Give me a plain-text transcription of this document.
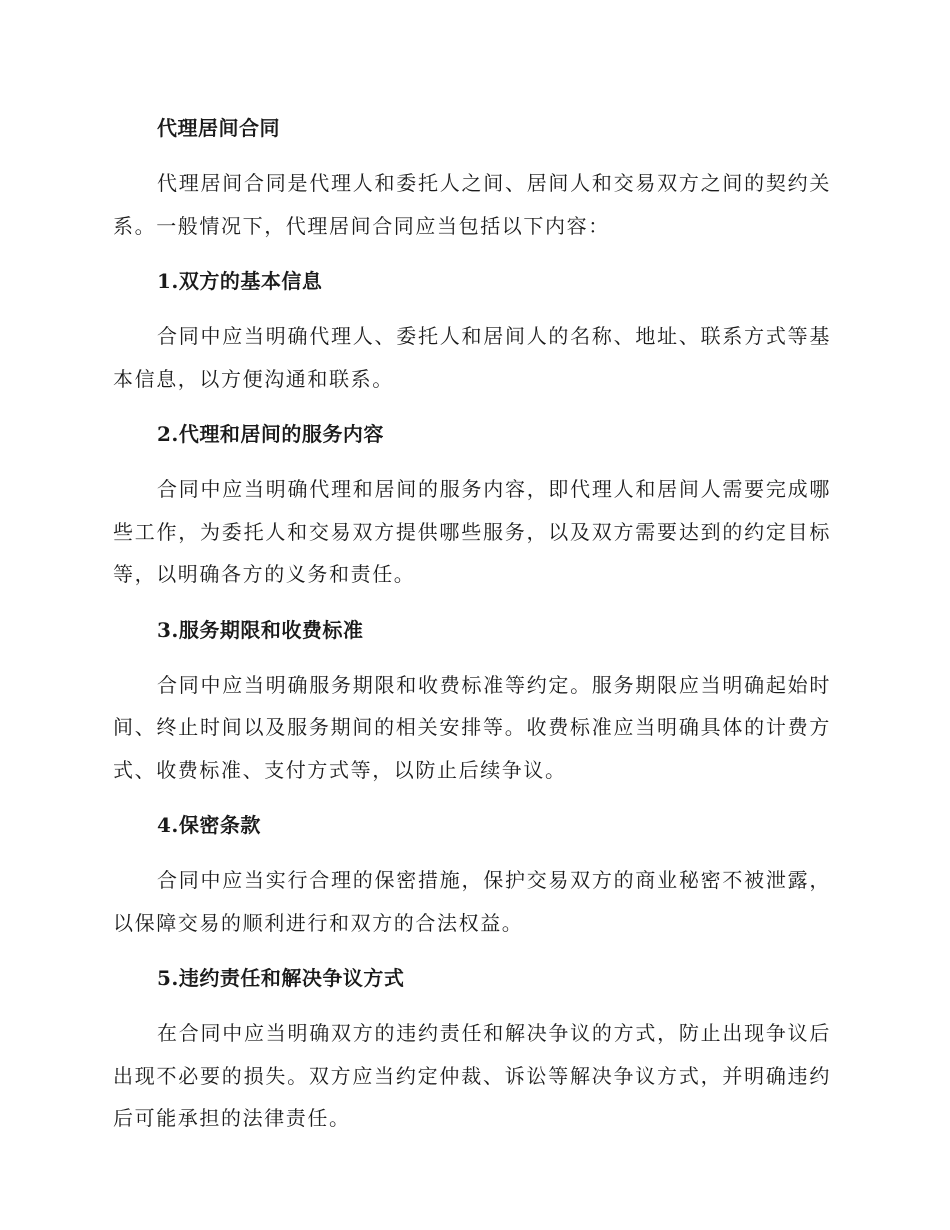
代理居间合同

代理居间合同是代理人和委托人之间、居间人和交易双方之间的契约关系。一般情况下，代理居间合同应当包括以下内容：

1.双方的基本信息

合同中应当明确代理人、委托人和居间人的名称、地址、联系方式等基本信息，以方便沟通和联系。

2.代理和居间的服务内容

合同中应当明确代理和居间的服务内容，即代理人和居间人需要完成哪些工作，为委托人和交易双方提供哪些服务，以及双方需要达到的约定目标等，以明确各方的义务和责任。

3.服务期限和收费标准

合同中应当明确服务期限和收费标准等约定。服务期限应当明确起始时间、终止时间以及服务期间的相关安排等。收费标准应当明确具体的计费方式、收费标准、支付方式等，以防止后续争议。

4.保密条款

合同中应当实行合理的保密措施，保护交易双方的商业秘密不被泄露，以保障交易的顺利进行和双方的合法权益。

5.违约责任和解决争议方式

在合同中应当明确双方的违约责任和解决争议的方式，防止出现争议后出现不必要的损失。双方应当约定仲裁、诉讼等解决争议方式，并明确违约后可能承担的法律责任。
